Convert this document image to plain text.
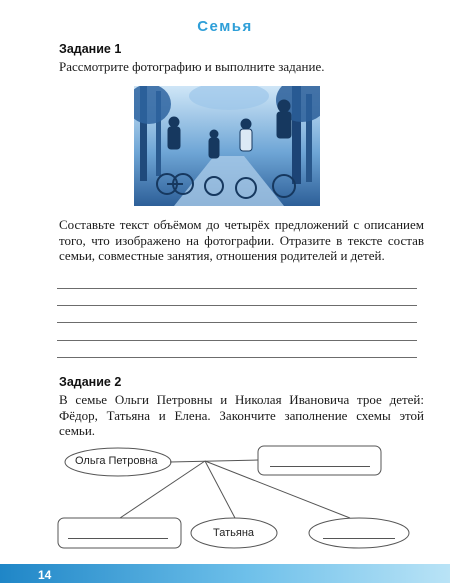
Семья
Задание 1
Рассмотрите фотографию и выполните задание.
Составьте текст объёмом до четырёх предложений с описанием того, что изображено на фотографии. Отразите в тексте состав семьи, совместные занятия, отношения родителей и детей.
Задание 2
В семье Ольги Петровны и Николая Ивановича трое детей: Фёдор, Татьяна и Елена. Закончите заполнение схемы этой семьи.
Ольга Петровна
Татьяна
14
